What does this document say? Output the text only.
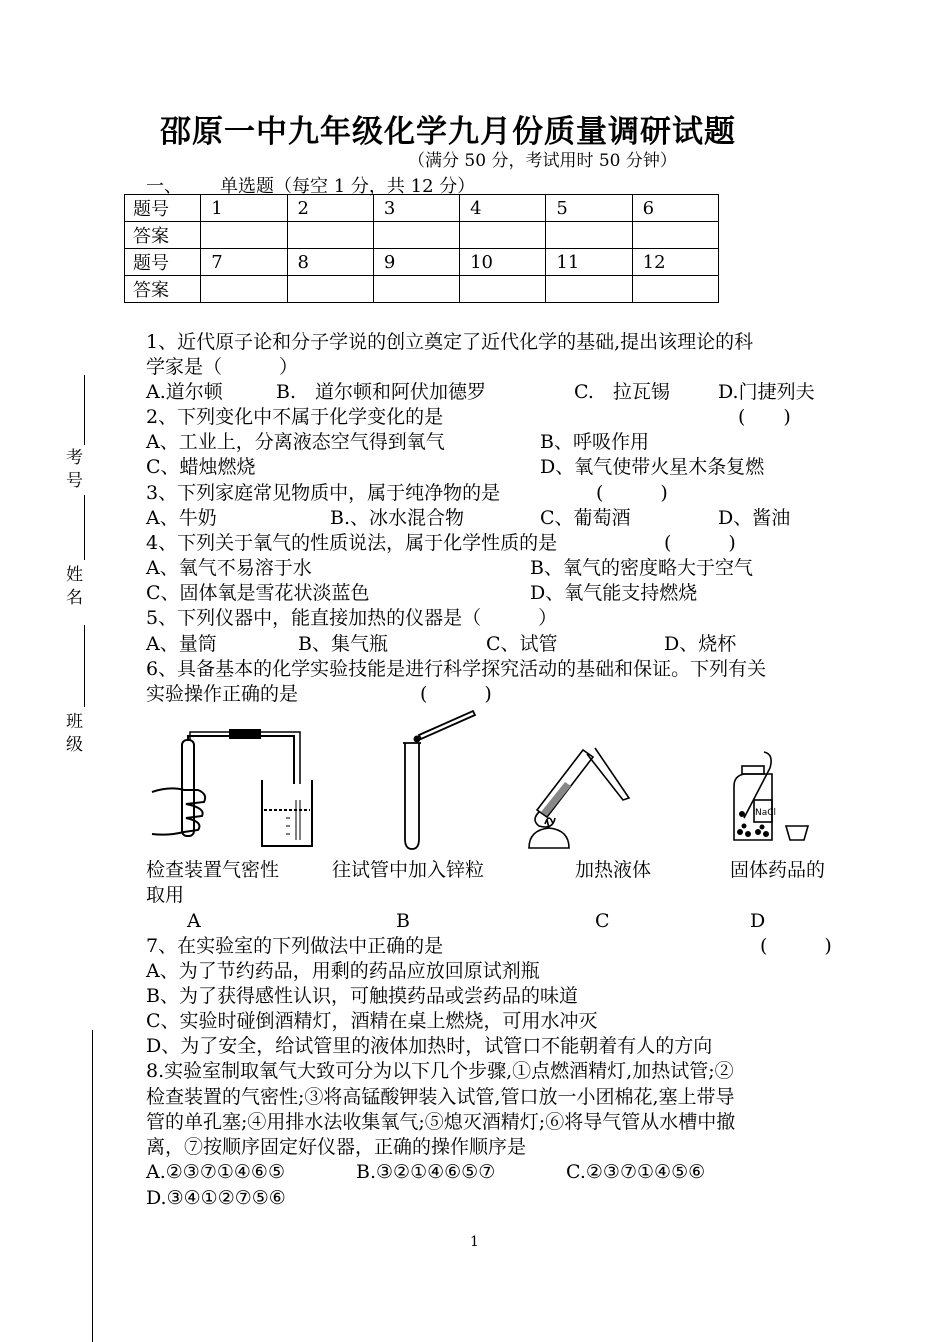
邵原一中九年级化学九月份质量调研试题
（满分 50 分，考试用时 50 分钟）
一、 单选题（每空 1 分，共 12 分）
题号	1	2	3	4	5	6
答案						
题号	7	8	9	10	11	12
答案						
考号
姓名
班级
1、近代原子论和分子学说的创立奠定了近代化学的基础,提出该理论的科
学家是（　　　）
A.道尔顿	B.　道尔顿和阿伏加德罗	C.　拉瓦锡	D.门捷列夫
2、下列变化中不属于化学变化的是	(　　)
A、工业上，分离液态空气得到氧气	B、呼吸作用
C、蜡烛燃烧	D、氧气使带火星木条复燃
3、下列家庭常见物质中，属于纯净物的是	(　　　)
A、牛奶	B.、冰水混合物	C、葡萄酒	D、酱油
4、下列关于氧气的性质说法，属于化学性质的是	(　　　)
A、氧气不易溶于水	B、氧气的密度略大于空气
C、固体氧是雪花状淡蓝色	D、氧气能支持燃烧
5、下列仪器中，能直接加热的仪器是（　　　）
A、量筒	B、集气瓶	C、试管	D、烧杯
6、具备基本的化学实验技能是进行科学探究活动的基础和保证。下列有关
实验操作正确的是	(　　　)
NaCl
检查装置气密性	往试管中加入锌粒	加热液体	固体药品的
取用
A	B	C	D
7、在实验室的下列做法中正确的是	(　　　)
A、为了节约药品，用剩的药品应放回原试剂瓶
B、为了获得感性认识，可触摸药品或尝药品的味道
C、实验时碰倒酒精灯，酒精在桌上燃烧，可用水冲灭
D、为了安全，给试管里的液体加热时，试管口不能朝着有人的方向
8.实验室制取氧气大致可分为以下几个步骤,①点燃酒精灯,加热试管;②
检查装置的气密性;③将高锰酸钾装入试管,管口放一小团棉花,塞上带导
管的单孔塞;④用排水法收集氧气;⑤熄灭酒精灯;⑥将导气管从水槽中撤
离，⑦按顺序固定好仪器，正确的操作顺序是
A.②③⑦①④⑥⑤	B.③②①④⑥⑤⑦	C.②③⑦①④⑤⑥
D.③④①②⑦⑤⑥
1
